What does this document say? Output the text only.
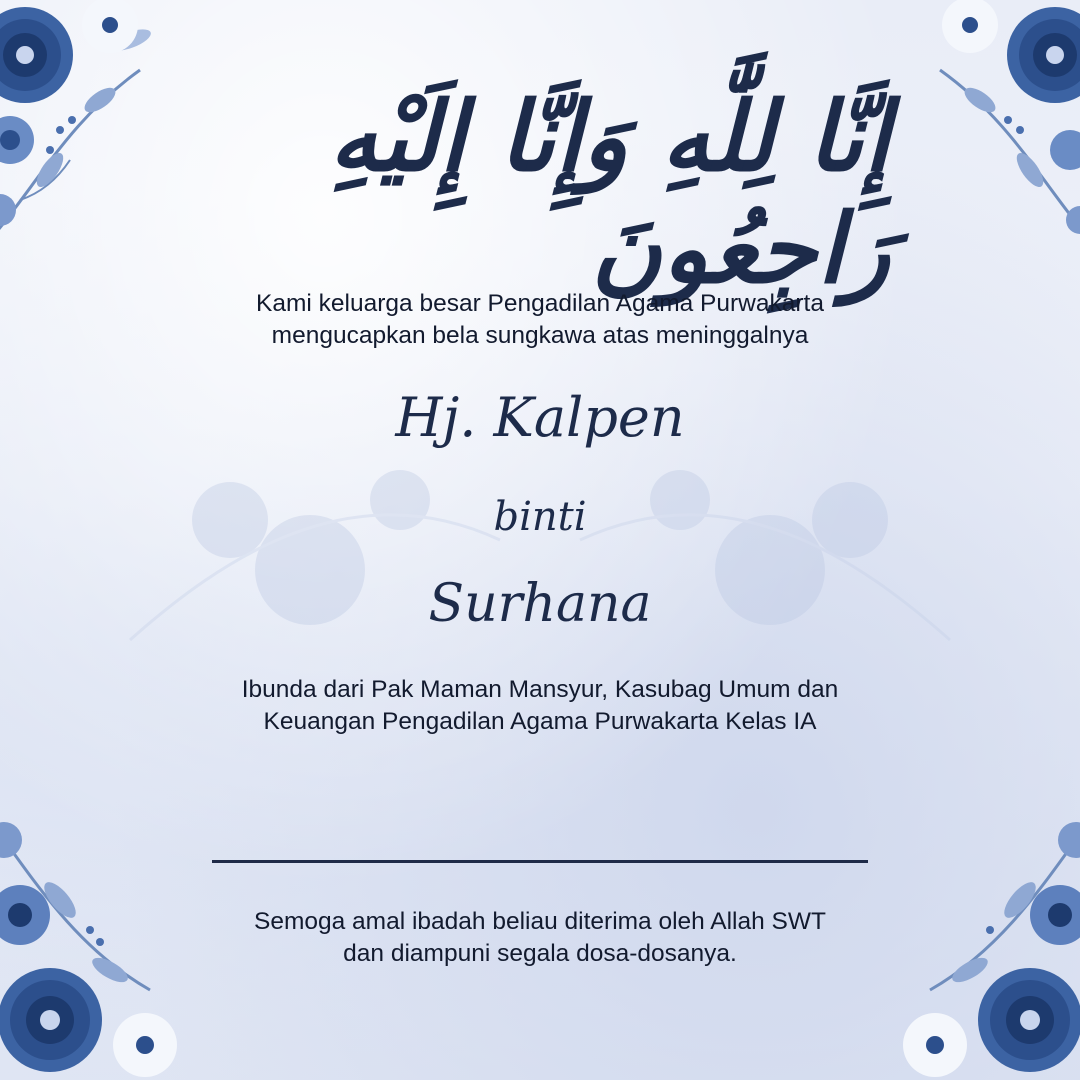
إِنَّا لِلَّٰهِ وَإِنَّا إِلَيْهِ رَاجِعُونَ
Kami keluarga besar Pengadilan Agama Purwakarta
mengucapkan bela sungkawa atas meninggalnya
Hj. Kalpen
binti
Surhana
Ibunda dari Pak Maman Mansyur, Kasubag Umum dan
Keuangan Pengadilan Agama Purwakarta Kelas IA
Semoga amal ibadah beliau diterima oleh Allah SWT
dan diampuni segala dosa-dosanya.
